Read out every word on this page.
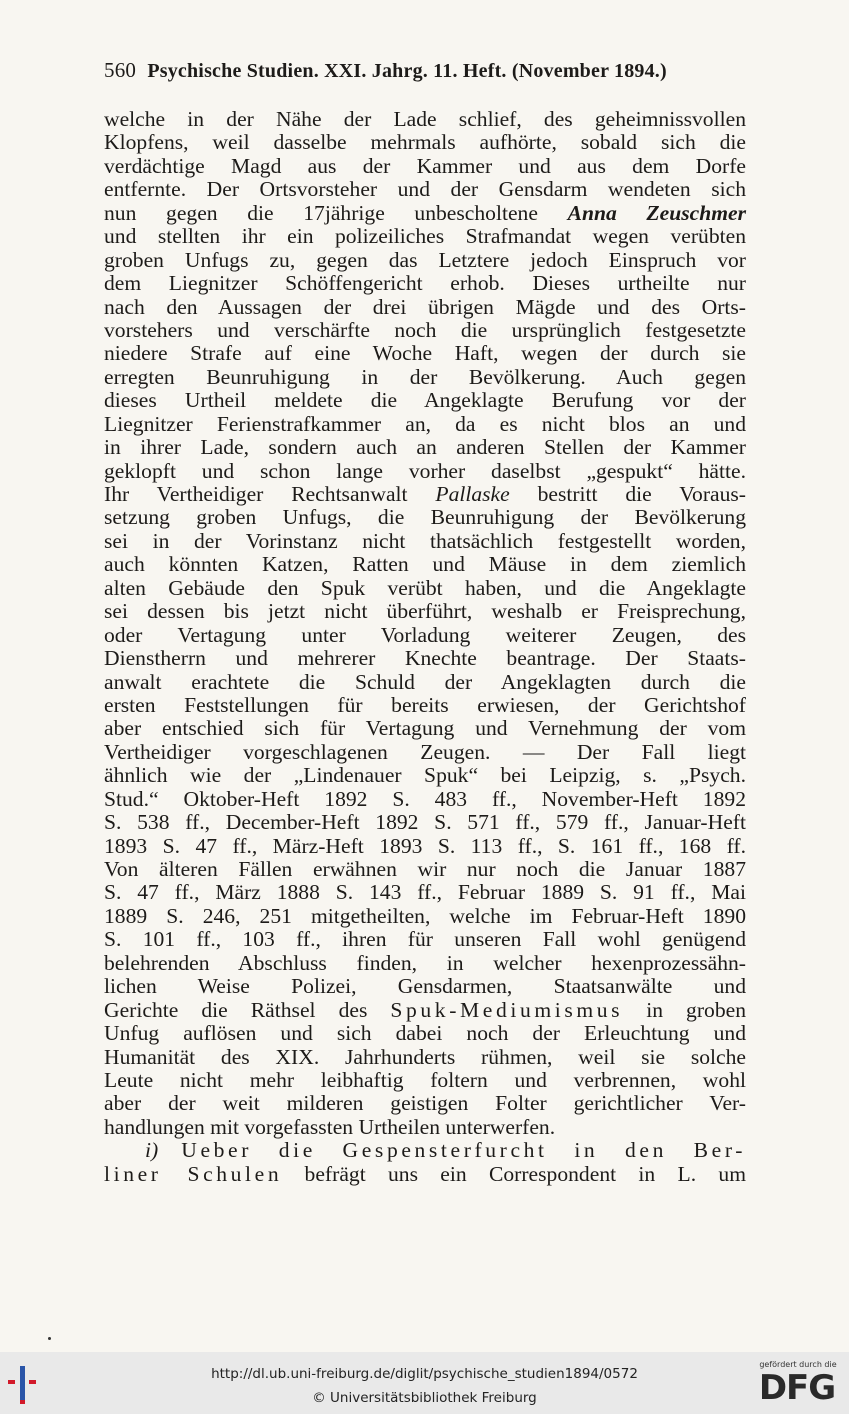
560 Psychische Studien. XXI. Jahrg. 11. Heft. (November 1894.)
welche in der Nähe der Lade schlief, des geheimnissvollen
Klopfens, weil dasselbe mehrmals aufhörte, sobald sich die
verdächtige Magd aus der Kammer und aus dem Dorfe
entfernte. Der Ortsvorsteher und der Gensdarm wendeten sich
nun gegen die 17jährige unbescholtene Anna Zeuschmer
und stellten ihr ein polizeiliches Strafmandat wegen verübten
groben Unfugs zu, gegen das Letztere jedoch Einspruch vor
dem Liegnitzer Schöffengericht erhob. Dieses urtheilte nur
nach den Aussagen der drei übrigen Mägde und des Orts-
vorstehers und verschärfte noch die ursprünglich festgesetzte
niedere Strafe auf eine Woche Haft, wegen der durch sie
erregten Beunruhigung in der Bevölkerung. Auch gegen
dieses Urtheil meldete die Angeklagte Berufung vor der
Liegnitzer Ferienstrafkammer an, da es nicht blos an und
in ihrer Lade, sondern auch an anderen Stellen der Kammer
geklopft und schon lange vorher daselbst „gespukt“ hätte.
Ihr Vertheidiger Rechtsanwalt Pallaske bestritt die Voraus-
setzung groben Unfugs, die Beunruhigung der Bevölkerung
sei in der Vorinstanz nicht thatsächlich festgestellt worden,
auch könnten Katzen, Ratten und Mäuse in dem ziemlich
alten Gebäude den Spuk verübt haben, und die Angeklagte
sei dessen bis jetzt nicht überführt, weshalb er Freisprechung,
oder Vertagung unter Vorladung weiterer Zeugen, des
Dienstherrn und mehrerer Knechte beantrage. Der Staats-
anwalt erachtete die Schuld der Angeklagten durch die
ersten Feststellungen für bereits erwiesen, der Gerichtshof
aber entschied sich für Vertagung und Vernehmung der vom
Vertheidiger vorgeschlagenen Zeugen. — Der Fall liegt
ähnlich wie der „Lindenauer Spuk“ bei Leipzig, s. „Psych.
Stud.“ Oktober-Heft 1892 S. 483 ff., November-Heft 1892
S. 538 ff., December-Heft 1892 S. 571 ff., 579 ff., Januar-Heft
1893 S. 47 ff., März-Heft 1893 S. 113 ff., S. 161 ff., 168 ff.
Von älteren Fällen erwähnen wir nur noch die Januar 1887
S. 47 ff., März 1888 S. 143 ff., Februar 1889 S. 91 ff., Mai
1889 S. 246, 251 mitgetheilten, welche im Februar-Heft 1890
S. 101 ff., 103 ff., ihren für unseren Fall wohl genügend
belehrenden Abschluss finden, in welcher hexenprozessähn-
lichen Weise Polizei, Gensdarmen, Staatsanwälte und
Gerichte die Räthsel des Spuk-Mediumismus in groben
Unfug auflösen und sich dabei noch der Erleuchtung und
Humanität des XIX. Jahrhunderts rühmen, weil sie solche
Leute nicht mehr leibhaftig foltern und verbrennen, wohl
aber der weit milderen geistigen Folter gerichtlicher Ver-
handlungen mit vorgefassten Urtheilen unterwerfen.
i) Ueber die Gespensterfurcht in den Ber-
liner Schulen befrägt uns ein Correspondent in L. um
http://dl.ub.uni-freiburg.de/diglit/psychische_studien1894/0572
© Universitätsbibliothek Freiburg
gefördert durch die
DFG
